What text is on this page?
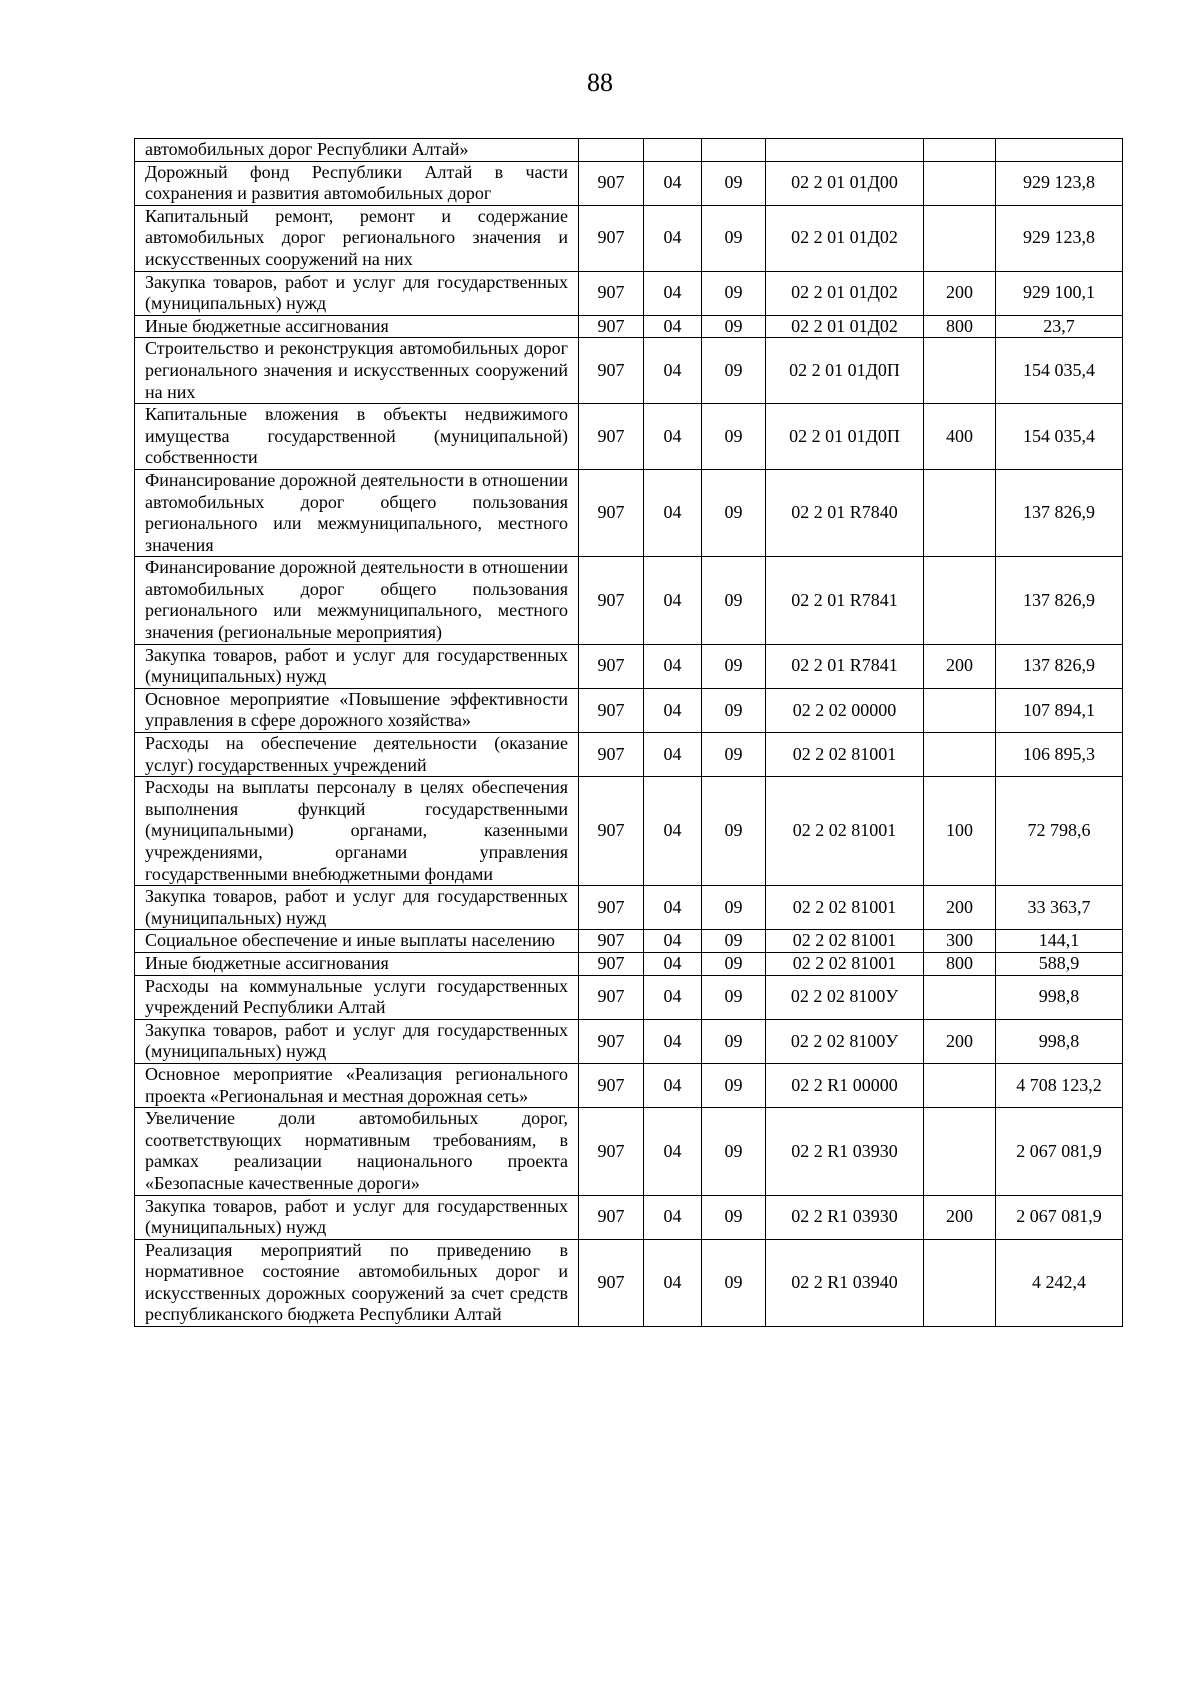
88
автомобильных дорог Республики Алтай»						
Дорожный фонд Республики Алтай в части сохранения и развития автомобильных дорог	907	04	09	02 2 01 01Д00		929 123,8
Капитальный ремонт, ремонт и содержание автомобильных дорог регионального значения и искусственных сооружений на них	907	04	09	02 2 01 01Д02		929 123,8
Закупка товаров, работ и услуг для государственных (муниципальных) нужд	907	04	09	02 2 01 01Д02	200	929 100,1
Иные бюджетные ассигнования	907	04	09	02 2 01 01Д02	800	23,7
Строительство и реконструкция автомобильных дорог регионального значения и искусственных сооружений на них	907	04	09	02 2 01 01Д0П		154 035,4
Капитальные вложения в объекты недвижимого имущества государственной (муниципальной) собственности	907	04	09	02 2 01 01Д0П	400	154 035,4
Финансирование дорожной деятельности в отношении автомобильных дорог общего пользования регионального или межмуниципального, местного значения	907	04	09	02 2 01 R7840		137 826,9
Финансирование дорожной деятельности в отношении автомобильных дорог общего пользования регионального или межмуниципального, местного значения (региональные мероприятия)	907	04	09	02 2 01 R7841		137 826,9
Закупка товаров, работ и услуг для государственных (муниципальных) нужд	907	04	09	02 2 01 R7841	200	137 826,9
Основное мероприятие «Повышение эффективности управления в сфере дорожного хозяйства»	907	04	09	02 2 02 00000		107 894,1
Расходы на обеспечение деятельности (оказание услуг) государственных учреждений	907	04	09	02 2 02 81001		106 895,3
Расходы на выплаты персоналу в целях обеспечения выполнения функций государственными (муниципальными) органами, казенными учреждениями, органами управления государственными внебюджетными фондами	907	04	09	02 2 02 81001	100	72 798,6
Закупка товаров, работ и услуг для государственных (муниципальных) нужд	907	04	09	02 2 02 81001	200	33 363,7
Социальное обеспечение и иные выплаты населению	907	04	09	02 2 02 81001	300	144,1
Иные бюджетные ассигнования	907	04	09	02 2 02 81001	800	588,9
Расходы на коммунальные услуги государственных учреждений Республики Алтай	907	04	09	02 2 02 8100У		998,8
Закупка товаров, работ и услуг для государственных (муниципальных) нужд	907	04	09	02 2 02 8100У	200	998,8
Основное мероприятие «Реализация регионального проекта «Региональная и местная дорожная сеть»	907	04	09	02 2 R1 00000		4 708 123,2
Увеличение доли автомобильных дорог, соответствующих нормативным требованиям, в рамках реализации национального проекта «Безопасные качественные дороги»	907	04	09	02 2 R1 03930		2 067 081,9
Закупка товаров, работ и услуг для государственных (муниципальных) нужд	907	04	09	02 2 R1 03930	200	2 067 081,9
Реализация мероприятий по приведению в нормативное состояние автомобильных дорог и искусственных дорожных сооружений за счет средств республиканского бюджета Республики Алтай	907	04	09	02 2 R1 03940		4 242,4
